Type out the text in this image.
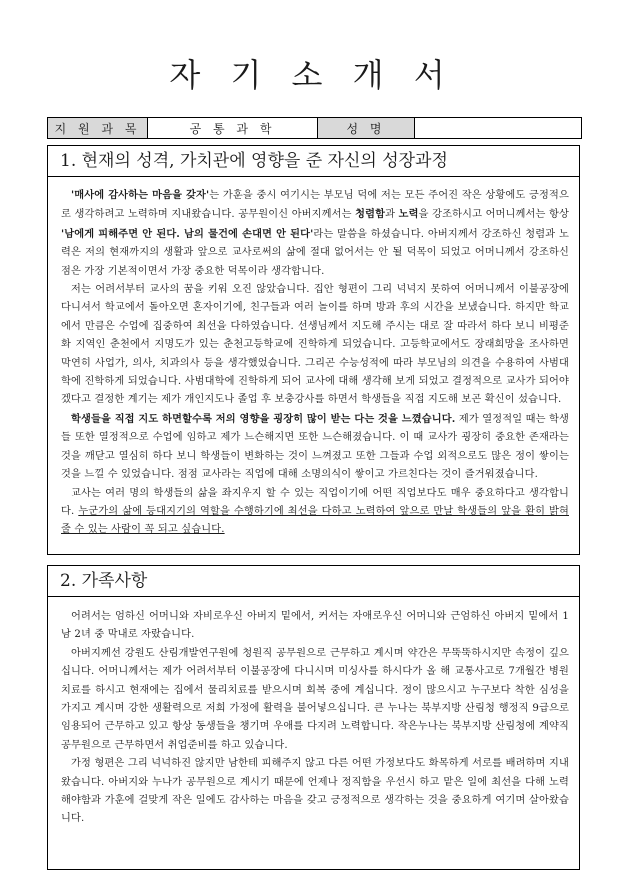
자 기 소 개 서
지 원 과 목	공 통 과 학	성 명	
1. 현재의 성격, 가치관에 영향을 준 자신의 성장과정

'매사에 감사하는 마음을 갖자'는 가훈을 중시 여기시는 부모님 덕에 저는 모든 주어진 작은 상황에도 긍정적으로 생각하려고 노력하며 지내왔습니다. 공무원이신 아버지께서는 청렴함과 노력을 강조하시고 어머니께서는 항상 '남에게 피해주면 안 된다. 남의 물건에 손대면 안 된다'라는 말씀을 하셨습니다. 아버지께서 강조하신 청렴과 노력은 저의 현재까지의 생활과 앞으로 교사로써의 삶에 절대 없어서는 안 될 덕목이 되었고 어머니께서 강조하신 점은 가장 기본적이면서 가장 중요한 덕목이라 생각합니다.

저는 어려서부터 교사의 꿈을 키워 오진 않았습니다. 집안 형편이 그리 넉넉지 못하여 어머니께서 이불공장에 다니셔서 학교에서 돌아오면 혼자이기에, 친구들과 여러 놀이를 하며 방과 후의 시간을 보냈습니다. 하지만 학교에서 만큼은 수업에 집중하여 최선을 다하였습니다. 선생님께서 지도해 주시는 대로 잘 따라서 하다 보니 비평준화 지역인 춘천에서 지명도가 있는 춘천고등학교에 진학하게 되었습니다. 고등학교에서도 장래희망을 조사하면 막연히 사업가, 의사, 치과의사 등을 생각했었습니다. 그리곤 수능성적에 따라 부모님의 의견을 수용하여 사범대학에 진학하게 되었습니다. 사범대학에 진학하게 되어 교사에 대해 생각해 보게 되었고 결정적으로 교사가 되어야겠다고 결정한 계기는 제가 개인지도나 졸업 후 보충강사를 하면서 학생들을 직접 지도해 보곤 확신이 섰습니다.

학생들을 직접 지도 하면할수록 저의 영향을 굉장히 많이 받는 다는 것을 느꼈습니다. 제가 열정적일 때는 학생들 또한 열정적으로 수업에 임하고 제가 느슨해지면 또한 느슨해졌습니다. 이 때 교사가 굉장히 중요한 존재라는 것을 깨닫고 열심히 하다 보니 학생들이 변화하는 것이 느껴졌고 또한 그들과 수업 외적으로도 많은 정이 쌓이는 것을 느낄 수 있었습니다. 점점 교사라는 직업에 대해 소명의식이 쌓이고 가르친다는 것이 즐거워졌습니다.

교사는 여러 명의 학생들의 삶을 좌지우지 할 수 있는 직업이기에 어떤 직업보다도 매우 중요하다고 생각합니다. 누군가의 삶에 등대지기의 역할을 수행하기에 최선을 다하고 노력하여 앞으로 만날 학생들의 앞을 환히 밝혀 줄 수 있는 사람이 꼭 되고 싶습니다.

2. 가족사항

어려서는 엄하신 어머니와 자비로우신 아버지 밑에서, 커서는 자애로우신 어머니와 근엄하신 아버지 밑에서 1남 2녀 중 막내로 자랐습니다.

아버지께선 강원도 산림개발연구원에 청원직 공무원으로 근무하고 계시며 약간은 무뚝뚝하시지만 속정이 깊으십니다. 어머니께서는 제가 어려서부터 이불공장에 다니시며 미싱사를 하시다가 올 해 교통사고로 7개월간 병원치료를 하시고 현재에는 집에서 물리치료를 받으시며 회복 중에 계십니다. 정이 많으시고 누구보다 착한 심성을 가지고 계시며 강한 생활력으로 저희 가정에 활력을 불어넣으십니다. 큰 누나는 북부지방 산림청 행정직 9급으로 임용되어 근무하고 있고 항상 동생들을 챙기며 우애를 다지려 노력합니다. 작은누나는 북부지방 산림청에 계약직 공무원으로 근무하면서 취업준비를 하고 있습니다.

가정 형편은 그리 넉넉하진 않지만 남한테 피해주지 않고 다른 어떤 가정보다도 화목하게 서로를 배려하며 지내왔습니다. 아버지와 누나가 공무원으로 계시기 때문에 언제나 정직함을 우선시 하고 맡은 일에 최선을 다해 노력해야함과 가훈에 걸맞게 작은 일에도 감사하는 마음을 갖고 긍정적으로 생각하는 것을 중요하게 여기며 살아왔습니다.
